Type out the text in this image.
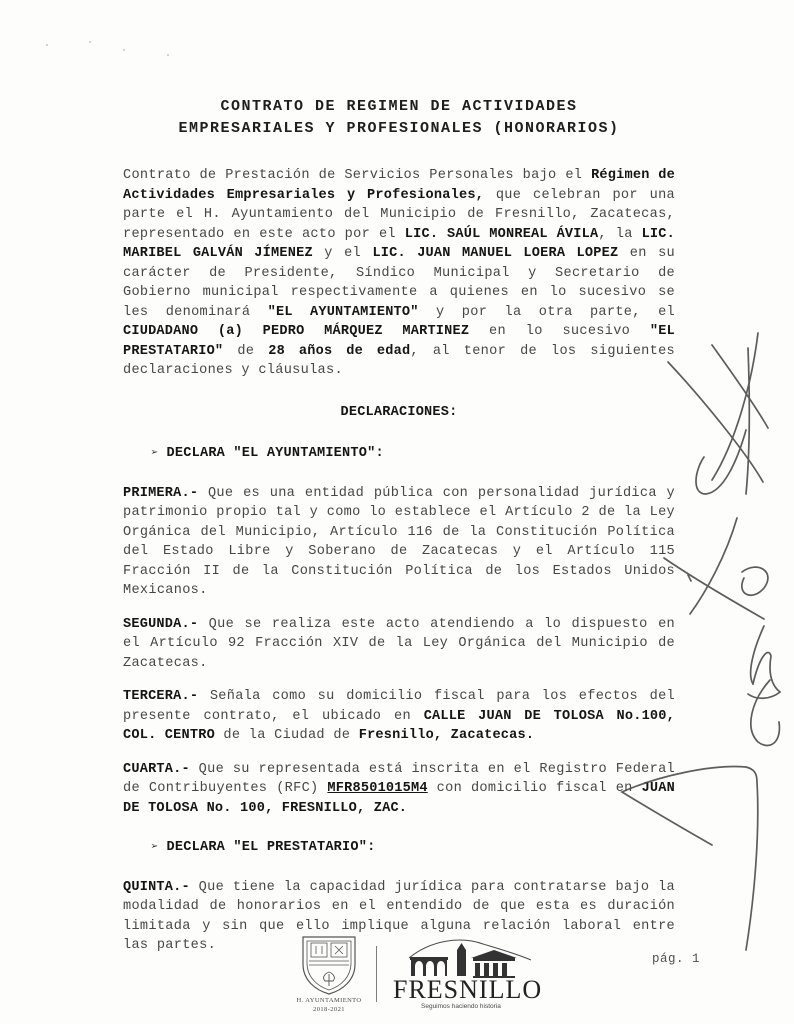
CONTRATO DE REGIMEN DE ACTIVIDADES
EMPRESARIALES Y PROFESIONALES (HONORARIOS)

Contrato de Prestación de Servicios Personales bajo el Régimen de Actividades Empresariales y Profesionales, que celebran por una parte el H. Ayuntamiento del Municipio de Fresnillo, Zacatecas, representado en este acto por el LIC. SAÚL MONREAL ÁVILA, la LIC. MARIBEL GALVÁN JÍMENEZ y el LIC. JUAN MANUEL LOERA LOPEZ en su carácter de Presidente, Síndico Municipal y Secretario de Gobierno municipal respectivamente a quienes en lo sucesivo se les denominará "EL AYUNTAMIENTO" y por la otra parte, el CIUDADANO (a) PEDRO MÁRQUEZ MARTINEZ en lo sucesivo "EL PRESTATARIO" de 28 años de edad, al tenor de los siguientes declaraciones y cláusulas.

DECLARACIONES:

➢ DECLARA "EL AYUNTAMIENTO":

PRIMERA.- Que es una entidad pública con personalidad jurídica y patrimonio propio tal y como lo establece el Artículo 2 de la Ley Orgánica del Municipio, Artículo 116 de la Constitución Política del Estado Libre y Soberano de Zacatecas y el Artículo 115 Fracción II de la Constitución Política de los Estados Unidos Mexicanos.

SEGUNDA.- Que se realiza este acto atendiendo a lo dispuesto en el Artículo 92 Fracción XIV de la Ley Orgánica del Municipio de Zacatecas.

TERCERA.- Señala como su domicilio fiscal para los efectos del presente contrato, el ubicado en CALLE JUAN DE TOLOSA No.100, COL. CENTRO de la Ciudad de Fresnillo, Zacatecas.

CUARTA.- Que su representada está inscrita en el Registro Federal de Contribuyentes (RFC) MFR8501015M4 con domicilio fiscal en JUAN DE TOLOSA No. 100, FRESNILLO, ZAC.

➢ DECLARA "EL PRESTATARIO":

QUINTA.- Que tiene la capacidad jurídica para contratarse bajo la modalidad de honorarios en el entendido de que esta es duración limitada y sin que ello implique alguna relación laboral entre las partes.

H. AYUNTAMIENTO
2018-2021
FRESNILLO
Seguimos haciendo historia
pág. 1
